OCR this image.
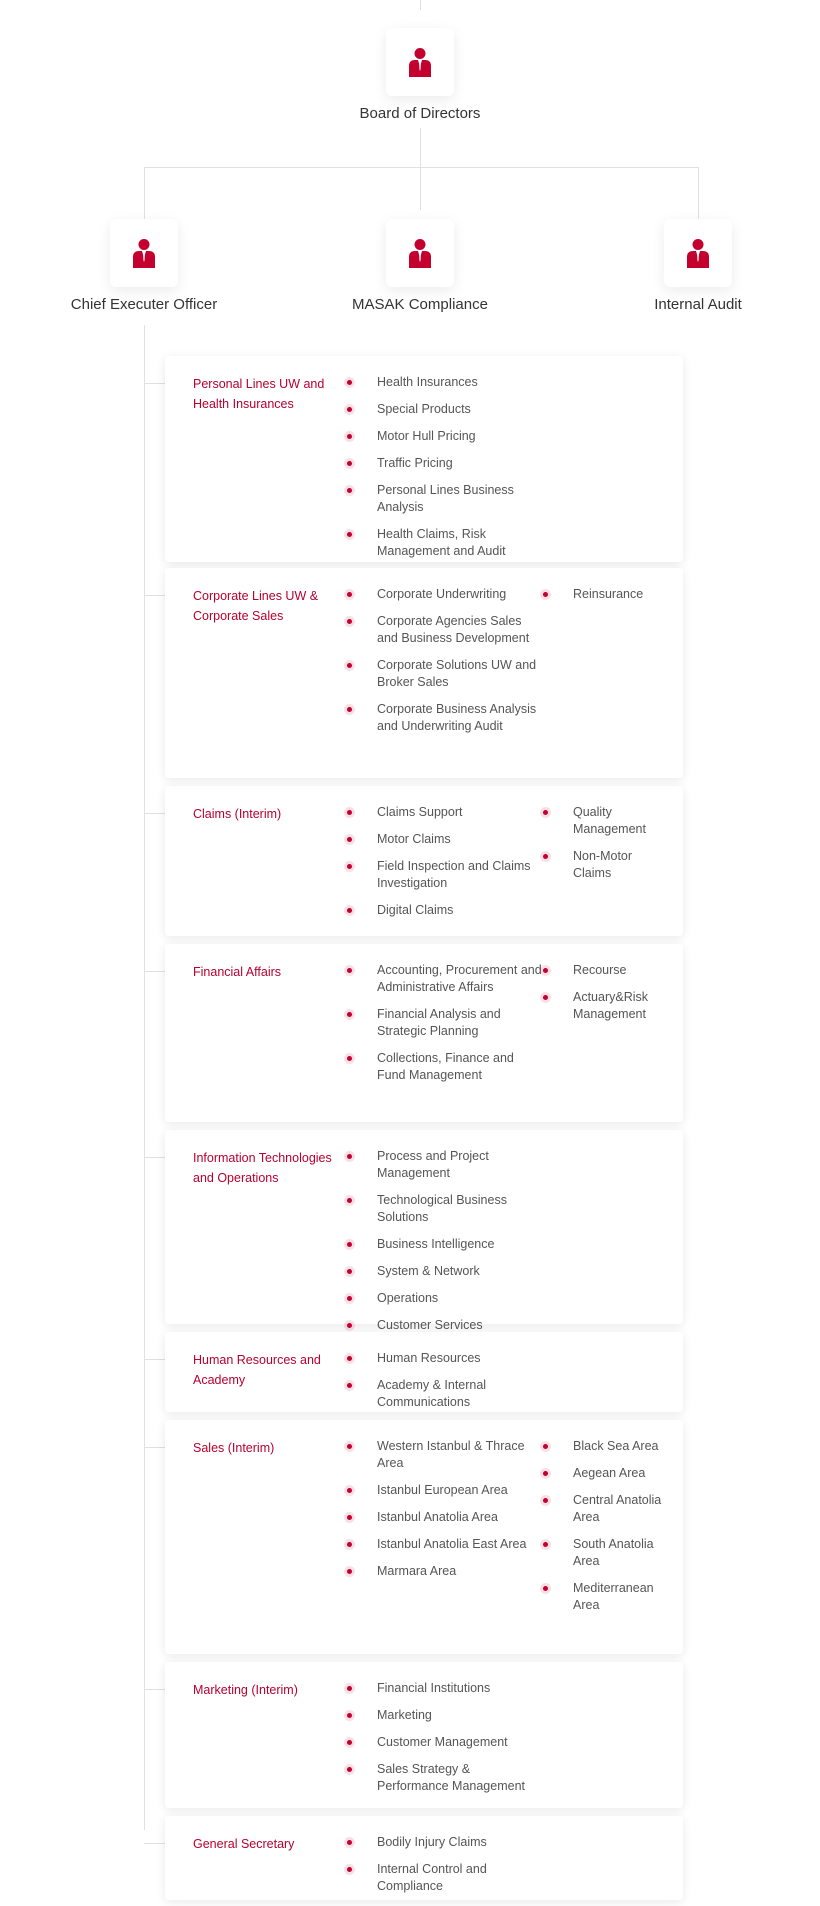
Board of Directors
Chief Executer Officer	MASAK Compliance	Internal Audit
Personal Lines UW and Health Insurances
Health Insurances
Special Products
Motor Hull Pricing
Traffic Pricing
Personal Lines Business Analysis
Health Claims, Risk Management and Audit
Corporate Lines UW & Corporate Sales
Corporate Underwriting
Corporate Agencies Sales and Business Development
Corporate Solutions UW and Broker Sales
Corporate Business Analysis and Underwriting Audit
Reinsurance
Claims (Interim)	Claims Support
Motor Claims
Field Inspection and Claims Investigation
Digital Claims
Quality Management
Non-Motor Claims
Financial Affairs	Accounting, Procurement and Administrative Affairs
Financial Analysis and Strategic Planning
Collections, Finance and Fund Management
Recourse
Actuary&Risk Management
Information Technologies and Operations
Process and Project Management
Technological Business Solutions
Business Intelligence
System & Network
Operations
Customer Services
Human Resources and Academy
Human Resources
Academy & Internal Communications
Sales (Interim)	Western Istanbul & Thrace Area
Istanbul European Area
Istanbul Anatolia Area
Istanbul Anatolia East Area
Marmara Area
Black Sea Area
Aegean Area
Central Anatolia Area
South Anatolia Area
Mediterranean Area
Marketing (Interim)	Financial Institutions
Marketing
Customer Management
Sales Strategy & Performance Management
General Secretary	Bodily Injury Claims
Internal Control and Compliance
